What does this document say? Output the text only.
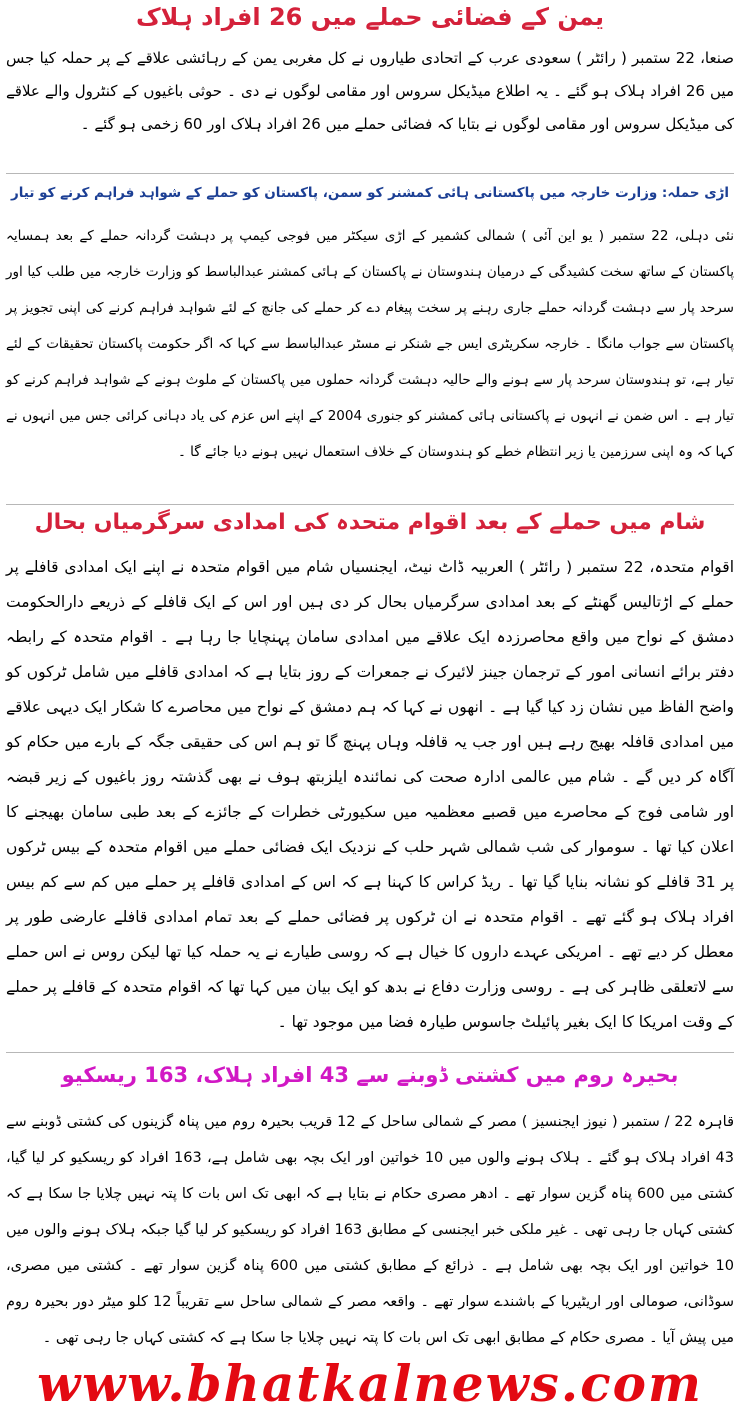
یمن کے فضائی حملے میں 26 افراد ہلاک

صنعا، 22 ستمبر ( رائٹر ) سعودی عرب کے اتحادی طیاروں نے کل مغربی یمن کے رہائشی علاقے کے پر حملہ کیا جس میں 26 افراد ہلاک ہو گئے ۔ یہ اطلاع میڈیکل سروس اور مقامی لوگوں نے دی ۔ حوثی باغیوں کے کنٹرول والے علاقے کی میڈیکل سروس اور مقامی لوگوں نے بتایا کہ فضائی حملے میں 26 افراد ہلاک اور 60 زخمی ہو گئے ۔

اڑی حملہ: وزارت خارجہ میں پاکستانی ہائی کمشنر کو سمن، پاکستان کو حملے کے شواہد فراہم کرنے کو تیار

نئی دہلی، 22 ستمبر ( یو این آئی ) شمالی کشمیر کے اڑی سیکٹر میں فوجی کیمپ پر دہشت گردانہ حملے کے بعد ہمسایہ پاکستان کے ساتھ سخت کشیدگی کے درمیان ہندوستان نے پاکستان کے ہائی کمشنر عبدالباسط کو وزارت خارجہ میں طلب کیا اور سرحد پار سے دہشت گردانہ حملے جاری رہنے پر سخت پیغام دے کر حملے کی جانچ کے لئے شواہد فراہم کرنے کی اپنی تجویز پر پاکستان سے جواب مانگا ۔ خارجہ سکریٹری ایس جے شنکر نے مسٹر عبدالباسط سے کہا کہ اگر حکومت پاکستان تحقیقات کے لئے تیار ہے، تو ہندوستان سرحد پار سے ہونے والے حالیہ دہشت گردانہ حملوں میں پاکستان کے ملوث ہونے کے شواہد فراہم کرنے کو تیار ہے ۔ اس ضمن نے انہوں نے پاکستانی ہائی کمشنر کو جنوری 2004 کے اپنے اس عزم کی یاد دہانی کرائی جس میں انہوں نے کہا کہ وہ اپنی سرزمین یا زیر انتظام خطے کو ہندوستان کے خلاف استعمال نہیں ہونے دیا جائے گا ۔

شام میں حملے کے بعد اقوام متحدہ کی امدادی سرگرمیاں بحال

اقوام متحدہ، 22 ستمبر ( رائٹر ) العربیہ ڈاٹ نیٹ، ایجنسیاں شام میں اقوام متحدہ نے اپنے ایک امدادی قافلے پر حملے کے اڑتالیس گھنٹے کے بعد امدادی سرگرمیاں بحال کر دی ہیں اور اس کے ایک قافلے کے ذریعے دارالحکومت دمشق کے نواح میں واقع محاصرزدہ ایک علاقے میں امدادی سامان پہنچایا جا رہا ہے ۔ اقوام متحدہ کے رابطہ دفتر برائے انسانی امور کے ترجمان جینز لائیرک نے جمعرات کے روز بتایا ہے کہ امدادی قافلے میں شامل ٹرکوں کو واضح الفاظ میں نشان زد کیا گیا ہے ۔ انھوں نے کہا کہ ہم دمشق کے نواح میں محاصرے کا شکار ایک دیہی علاقے میں امدادی قافلہ بھیج رہے ہیں اور جب یہ قافلہ وہاں پہنچ گا تو ہم اس کی حقیقی جگہ کے بارے میں حکام کو آگاہ کر دیں گے ۔ شام میں عالمی ادارہ صحت کی نمائندہ ایلزبتھ ہوف نے بھی گذشتہ روز باغیوں کے زیر قبضہ اور شامی فوج کے محاصرے میں قصبے معظمیہ میں سکیورٹی خطرات کے جائزے کے بعد طبی سامان بھیجنے کا اعلان کیا تھا ۔ سوموار کی شب شمالی شہر حلب کے نزدیک ایک فضائی حملے میں اقوام متحدہ کے بیس ٹرکوں پر 31 قافلے کو نشانہ بنایا گیا تھا ۔ ریڈ کراس کا کہنا ہے کہ اس کے امدادی قافلے پر حملے میں کم سے کم بیس افراد ہلاک ہو گئے تھے ۔ اقوام متحدہ نے ان ٹرکوں پر فضائی حملے کے بعد تمام امدادی قافلے عارضی طور پر معطل کر دیے تھے ۔ امریکی عہدے داروں کا خیال ہے کہ روسی طیارے نے یہ حملہ کیا تھا لیکن روس نے اس حملے سے لاتعلقی ظاہر کی ہے ۔ روسی وزارت دفاع نے بدھ کو ایک بیان میں کہا تھا کہ اقوام متحدہ کے قافلے پر حملے کے وقت امریکا کا ایک بغیر پائیلٹ جاسوس طیارہ فضا میں موجود تھا ۔

بحیرہ روم میں کشتی ڈوبنے سے 43 افراد ہلاک، 163 ریسکیو

قاہرہ 22 / ستمبر ( نیوز ایجنسیز ) مصر کے شمالی ساحل کے 12 قریب بحیرہ روم میں پناہ گزینوں کی کشتی ڈوبنے سے 43 افراد ہلاک ہو گئے ۔ ہلاک ہونے والوں میں 10 خواتین اور ایک بچہ بھی شامل ہے، 163 افراد کو ریسکیو کر لیا گیا، کشتی میں 600 پناہ گزین سوار تھے ۔ ادھر مصری حکام نے بتایا ہے کہ ابھی تک اس بات کا پتہ نہیں چلایا جا سکا ہے کہ کشتی کہاں جا رہی تھی ۔ غیر ملکی خبر ایجنسی کے مطابق 163 افراد کو ریسکیو کر لیا گیا جبکہ ہلاک ہونے والوں میں 10 خواتین اور ایک بچہ بھی شامل ہے ۔ ذرائع کے مطابق کشتی میں 600 پناہ گزین سوار تھے ۔ کشتی میں مصری، سوڈانی، صومالی اور اریٹیریا کے باشندے سوار تھے ۔ واقعہ مصر کے شمالی ساحل سے تقریباً 12 کلو میٹر دور بحیرہ روم میں پیش آیا ۔ مصری حکام کے مطابق ابھی تک اس بات کا پتہ نہیں چلایا جا سکا ہے کہ کشتی کہاں جا رہی تھی ۔

www.bhatkalnews.com
